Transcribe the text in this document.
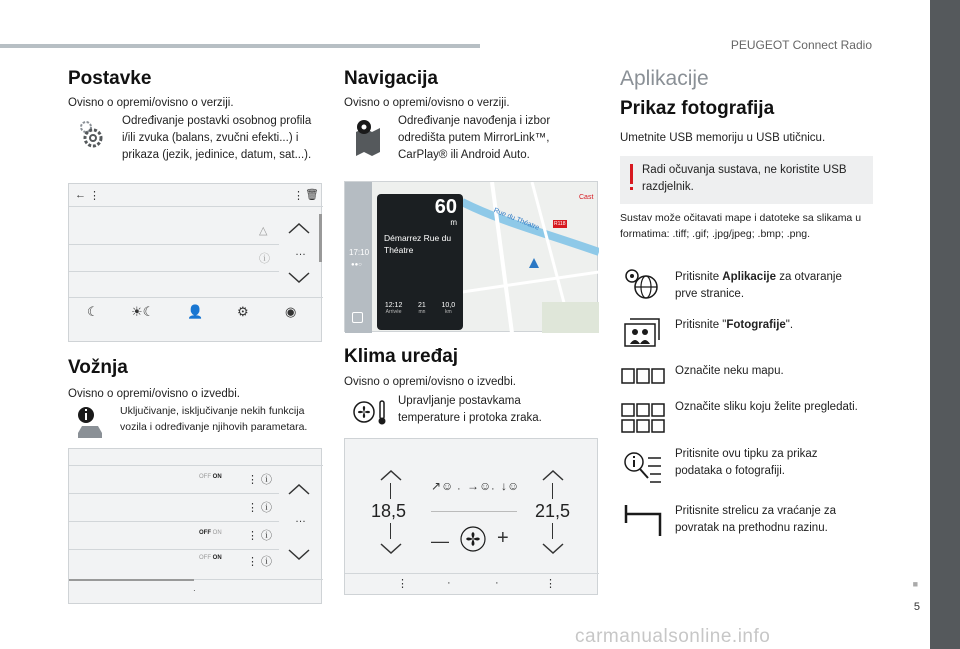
PEUGEOT Connect Radio
■
5
carmanualsonline.info
Postavke
Ovisno o opremi/ovisno o verziji.
Određivanje postavki osobnog profila i/ili zvuka (balans, zvučni efekti...) i prikaza (jezik, jedinice, datum, sat...).
← ⋮	⋮ 🗑
△
ⓘ
…
☾ ☀☾	👤	⚙	◉
Vožnja
Ovisno o opremi/ovisno o izvedbi.
Uključivanje, isključivanje nekih funkcija vozila i određivanje njihovih parametara.
OFF ON
OFF ON
OFF ON
⋮ ⓘ
⋮ ⓘ
⋮ ⓘ
⋮ ⓘ
…
·
Navigacija
Ovisno o opremi/ovisno o verziji.
Određivanje navođenja i izbor odredišta putem MirrorLink™, CarPlay® ili Android Auto.
17:10
●●○
Rue du Théatre	R118
Cast
60
m
Démarrez Rue du Théatre
12:12
Arrivée
21
mn
10,0
km
Klima uređaj
Ovisno o opremi/ovisno o izvedbi.
Upravljanje postavkama temperature i protoka zraka.
18,5	21,5
↗☺ · →☺ · ↓☺
— +
⋮	·	·	⋮
Aplikacije
Prikaz fotografija
Umetnite USB memoriju u USB utičnicu.
Radi očuvanja sustava, ne koristite USB razdjelnik.
Sustav može očitavati mape i datoteke sa slikama u formatima: .tiff; .gif; .jpg/jpeg; .bmp; .png.
Pritisnite Aplikacije za otvaranje prve stranice.
Pritisnite "Fotografije".
Označite neku mapu.
Označite sliku koju želite pregledati.
Pritisnite ovu tipku za prikaz podataka o fotografiji.
Pritisnite strelicu za vraćanje za povratak na prethodnu razinu.
